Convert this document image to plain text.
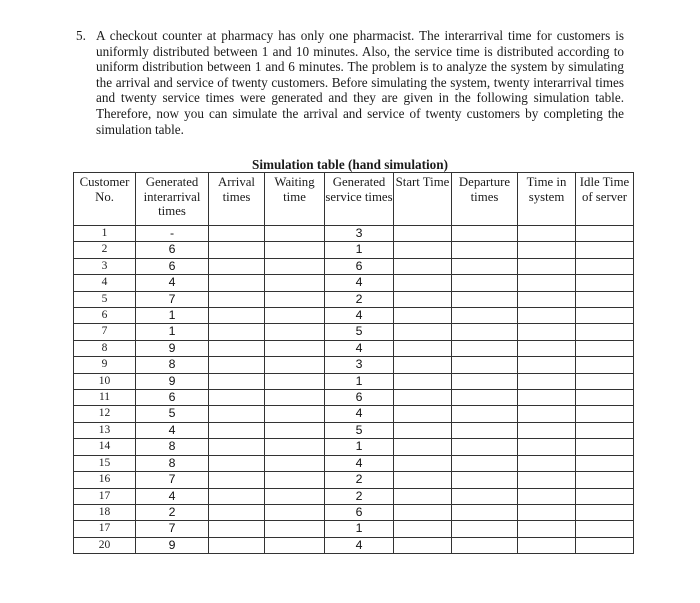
5. A checkout counter at pharmacy has only one pharmacist. The interarrival time for customers is uniformly distributed between 1 and 10 minutes. Also, the service time is distributed according to uniform distribution between 1 and 6 minutes. The problem is to analyze the system by simulating the arrival and service of twenty customers. Before simulating the system, twenty interarrival times and twenty service times were generated and they are given in the following simulation table. Therefore, now you can simulate the arrival and service of twenty customers by completing the simulation table.
Simulation table (hand simulation)
Customer No.	Generated interarrival times	Arrival times	Waiting time	Generated service times	Start Time	Departure times	Time in system	Idle Time of server
1	-			3				
2	6			1				
3	6			6				
4	4			4				
5	7			2				
6	1			4				
7	1			5				
8	9			4				
9	8			3				
10	9			1				
11	6			6				
12	5			4				
13	4			5				
14	8			1				
15	8			4				
16	7			2				
17	4			2				
18	2			6				
17	7			1				
20	9			4				
